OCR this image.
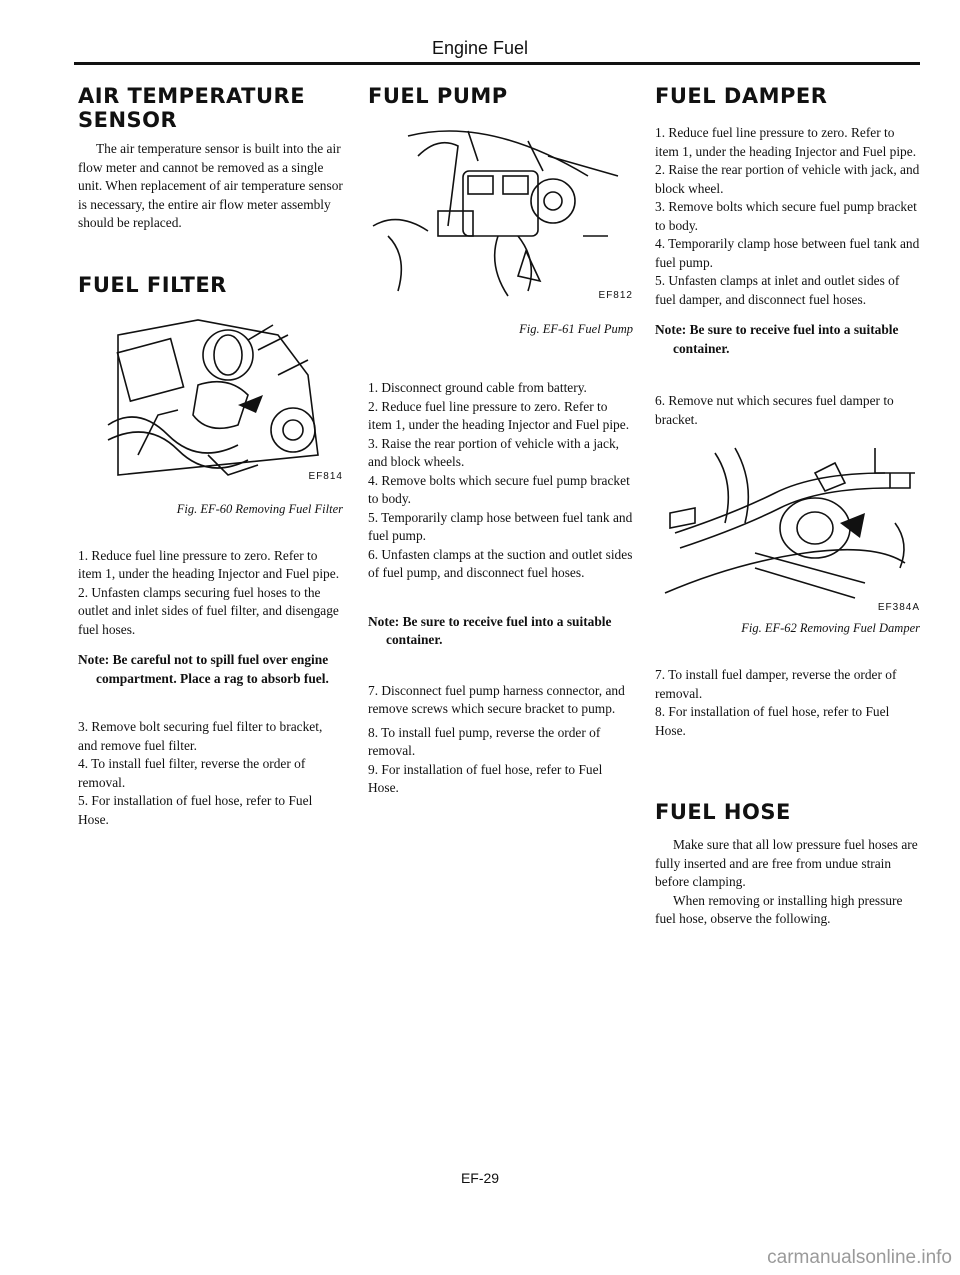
Engine Fuel
AIR TEMPERATURE
SENSOR

The air temperature sensor is built into the air flow meter and cannot be removed as a single unit. When replacement of air temperature sensor is necessary, the entire air flow meter assembly should be replaced.

FUEL FILTER
EF814

Fig. EF-60 Removing Fuel Filter

1. Reduce fuel line pressure to zero. Refer to item 1, under the heading Injector and Fuel pipe.

2. Unfasten clamps securing fuel hoses to the outlet and inlet sides of fuel filter, and disengage fuel hoses.

Note: Be careful not to spill fuel over engine compartment. Place a rag to absorb fuel.

3. Remove bolt securing fuel filter to bracket, and remove fuel filter.

4. To install fuel filter, reverse the order of removal.

5. For installation of fuel hose, refer to Fuel Hose.

FUEL PUMP
EF812

Fig. EF-61 Fuel Pump

1. Disconnect ground cable from battery.

2. Reduce fuel line pressure to zero. Refer to item 1, under the heading Injector and Fuel pipe.

3. Raise the rear portion of vehicle with a jack, and block wheels.

4. Remove bolts which secure fuel pump bracket to body.

5. Temporarily clamp hose between fuel tank and fuel pump.

6. Unfasten clamps at the suction and outlet sides of fuel pump, and disconnect fuel hoses.

Note: Be sure to receive fuel into a suitable container.

7. Disconnect fuel pump harness connector, and remove screws which secure bracket to pump.

8. To install fuel pump, reverse the order of removal.

9. For installation of fuel hose, refer to Fuel Hose.

FUEL DAMPER

1. Reduce fuel line pressure to zero. Refer to item 1, under the heading Injector and Fuel pipe.

2. Raise the rear portion of vehicle with jack, and block wheel.

3. Remove bolts which secure fuel pump bracket to body.

4. Temporarily clamp hose between fuel tank and fuel pump.

5. Unfasten clamps at inlet and outlet sides of fuel damper, and disconnect fuel hoses.

Note: Be sure to receive fuel into a suitable container.

6. Remove nut which secures fuel damper to bracket.

EF384A

Fig. EF-62 Removing Fuel Damper

7. To install fuel damper, reverse the order of removal.

8. For installation of fuel hose, refer to Fuel Hose.

FUEL HOSE

Make sure that all low pressure fuel hoses are fully inserted and are free from undue strain before clamping.

When removing or installing high pressure fuel hose, observe the following.

EF-29
carmanualsonline.info
